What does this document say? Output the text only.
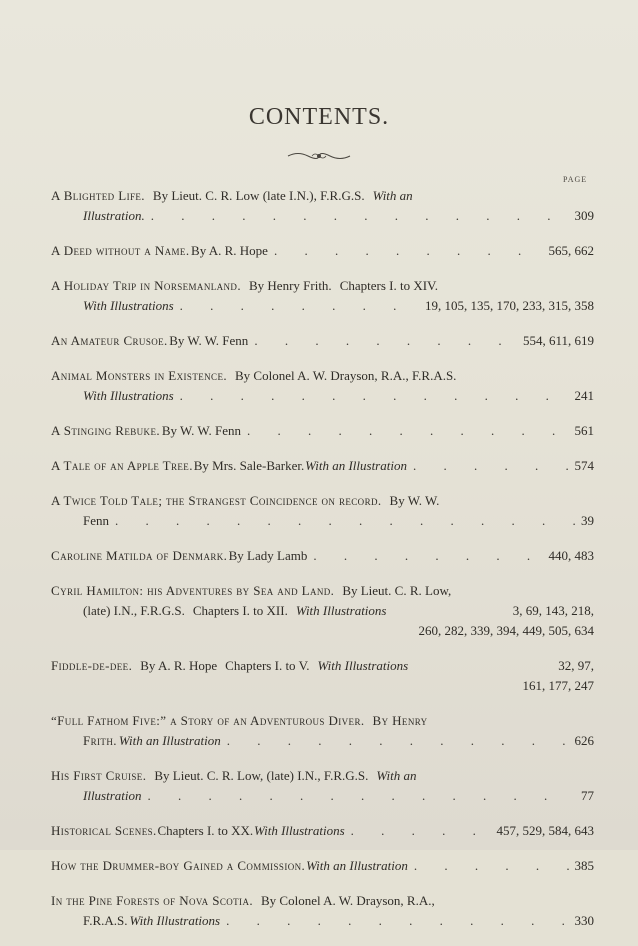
CONTENTS.
PAGE
A Blighted Life. By Lieut. C. R. Low (late I.N.), F.R.G.S. With an
Illustration. . . .	309
A Deed without a Name. By A. R. Hope . . .	565, 662
A Holiday Trip in Norsemanland. By Henry Frith. Chapters I. to XIV.
With Illustrations . . .	19, 105, 135, 170, 233, 315, 358
An Amateur Crusoe. By W. W. Fenn . . .	554, 611, 619
Animal Monsters in Existence. By Colonel A. W. Drayson, R.A., F.R.A.S.
With Illustrations . . .	241
A Stinging Rebuke. By W. W. Fenn . . .	561
A Tale of an Apple Tree. By Mrs. Sale-Barker. With an Illustration . . .	574
A Twice Told Tale; the Strangest Coincidence on record. By W. W.
Fenn . . .	39
Caroline Matilda of Denmark. By Lady Lamb . . .	440, 483
Cyril Hamilton: his Adventures by Sea and Land. By Lieut. C. R. Low,
(late) I.N., F.R.G.S. Chapters I. to XII. With Illustrations	3, 69, 143, 218,
260, 282, 339, 394, 449, 505, 634
Fiddle-de-dee. By A. R. Hope Chapters I. to V. With Illustrations	32, 97,
161, 177, 247
“Full Fathom Five:” a Story of an Adventurous Diver. By Henry
Frith. With an Illustration . . .	626
His First Cruise. By Lieut. C. R. Low, (late) I.N., F.R.G.S. With an
Illustration . . .	77
Historical Scenes. Chapters I. to XX. With Illustrations . . .	457, 529, 584, 643
How the Drummer-boy Gained a Commission. With an Illustration . . .	385
In the Pine Forests of Nova Scotia. By Colonel A. W. Drayson, R.A.,
F.R.A.S. With Illustrations . . .	330
